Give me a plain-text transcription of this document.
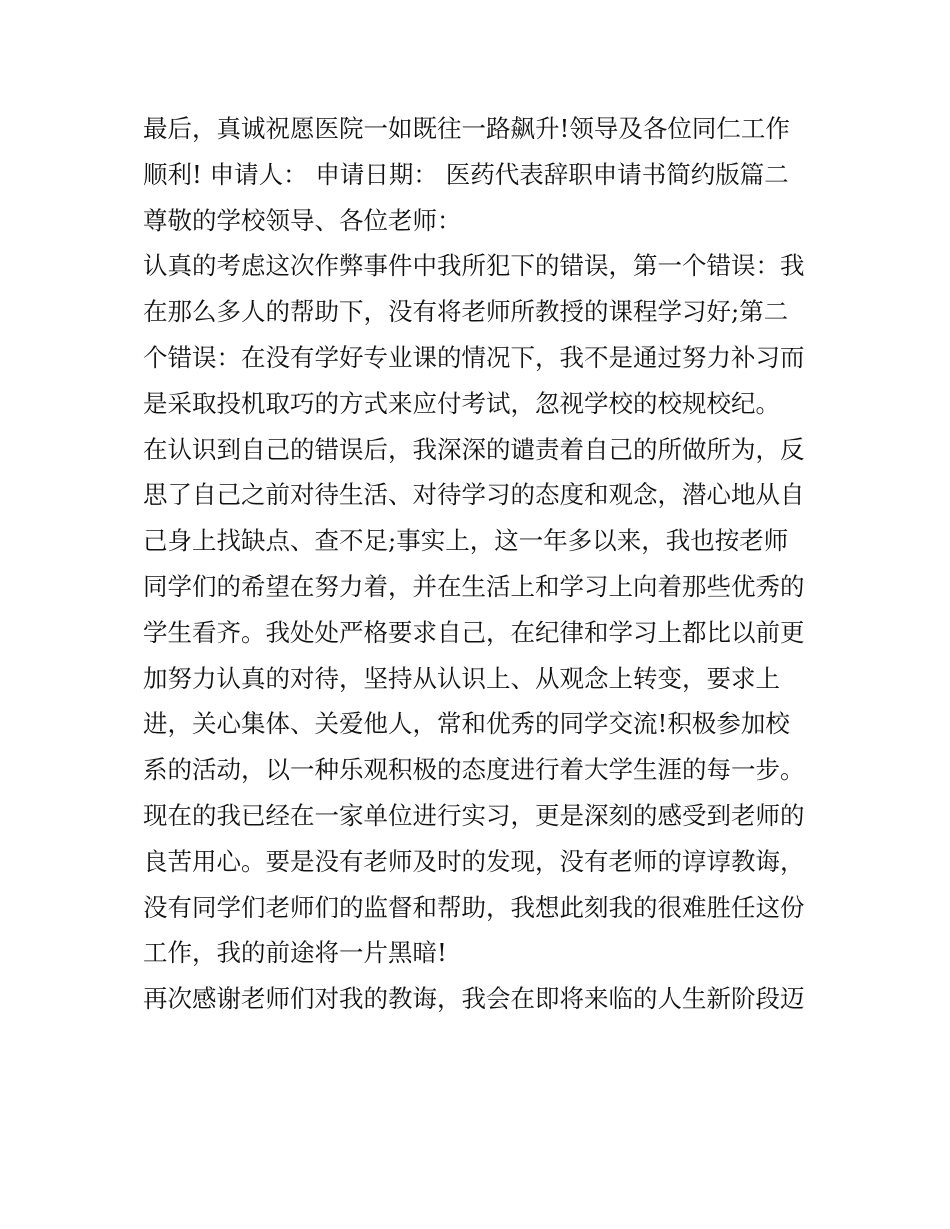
最后，真诚祝愿医院一如既往一路飙升!领导及各位同仁工作
顺利! 申请人： 申请日期： 医药代表辞职申请书简约版篇二
尊敬的学校领导、各位老师：
认真的考虑这次作弊事件中我所犯下的错误，第一个错误：我
在那么多人的帮助下，没有将老师所教授的课程学习好;第二
个错误：在没有学好专业课的情况下，我不是通过努力补习而
是采取投机取巧的方式来应付考试，忽视学校的校规校纪。
在认识到自己的错误后，我深深的谴责着自己的所做所为，反
思了自己之前对待生活、对待学习的态度和观念，潜心地从自
己身上找缺点、查不足;事实上，这一年多以来，我也按老师
同学们的希望在努力着，并在生活上和学习上向着那些优秀的
学生看齐。我处处严格要求自己，在纪律和学习上都比以前更
加努力认真的对待，坚持从认识上、从观念上转变，要求上
进，关心集体、关爱他人，常和优秀的同学交流!积极参加校
系的活动，以一种乐观积极的态度进行着大学生涯的每一步。
现在的我已经在一家单位进行实习，更是深刻的感受到老师的
良苦用心。要是没有老师及时的发现，没有老师的谆谆教诲，
没有同学们老师们的监督和帮助，我想此刻我的很难胜任这份
工作，我的前途将一片黑暗!
再次感谢老师们对我的教诲，我会在即将来临的人生新阶段迈
